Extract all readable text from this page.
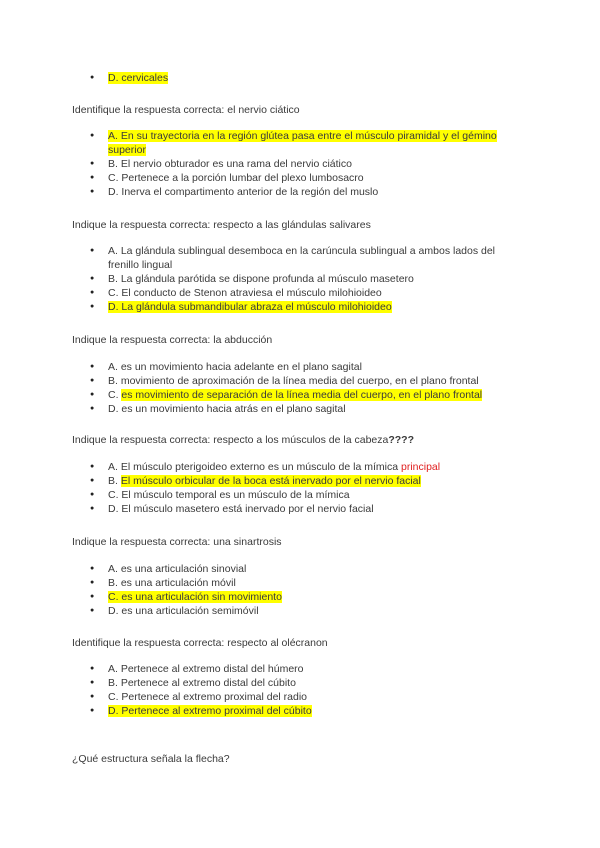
● D. cervicales

Identifique la respuesta correcta: el nervio ciático

● A. En su trayectoria en la región glútea pasa entre el músculo piramidal y el gémino superior
● B. El nervio obturador es una rama del nervio ciático
● C. Pertenece a la porción lumbar del plexo lumbosacro
● D. Inerva el compartimento anterior de la región del muslo

Indique la respuesta correcta: respecto a las glándulas salivares

● A. La glándula sublingual desemboca en la carúncula sublingual a ambos lados del frenillo lingual
● B. La glándula parótida se dispone profunda al músculo masetero
● C. El conducto de Stenon atraviesa el músculo milohioideo
● D. La glándula submandibular abraza el músculo milohioideo

Indique la respuesta correcta: la abducción

● A. es un movimiento hacia adelante en el plano sagital
● B. movimiento de aproximación de la línea media del cuerpo, en el plano frontal
● C. es movimiento de separación de la línea media del cuerpo, en el plano frontal
● D. es un movimiento hacia atrás en el plano sagital

Indique la respuesta correcta: respecto a los músculos de la cabeza????

● A. El músculo pterigoideo externo es un músculo de la mímica principal
● B. El músculo orbicular de la boca está inervado por el nervio facial
● C. El músculo temporal es un músculo de la mímica
● D. El músculo masetero está inervado por el nervio facial

Indique la respuesta correcta: una sinartrosis

● A. es una articulación sinovial
● B. es una articulación móvil
● C. es una articulación sin movimiento
● D. es una articulación semimóvil

Identifique la respuesta correcta: respecto al olécranon

● A. Pertenece al extremo distal del húmero
● B. Pertenece al extremo distal del cúbito
● C. Pertenece al extremo proximal del radio
● D. Pertenece al extremo proximal del cúbito

¿Qué estructura señala la flecha?
